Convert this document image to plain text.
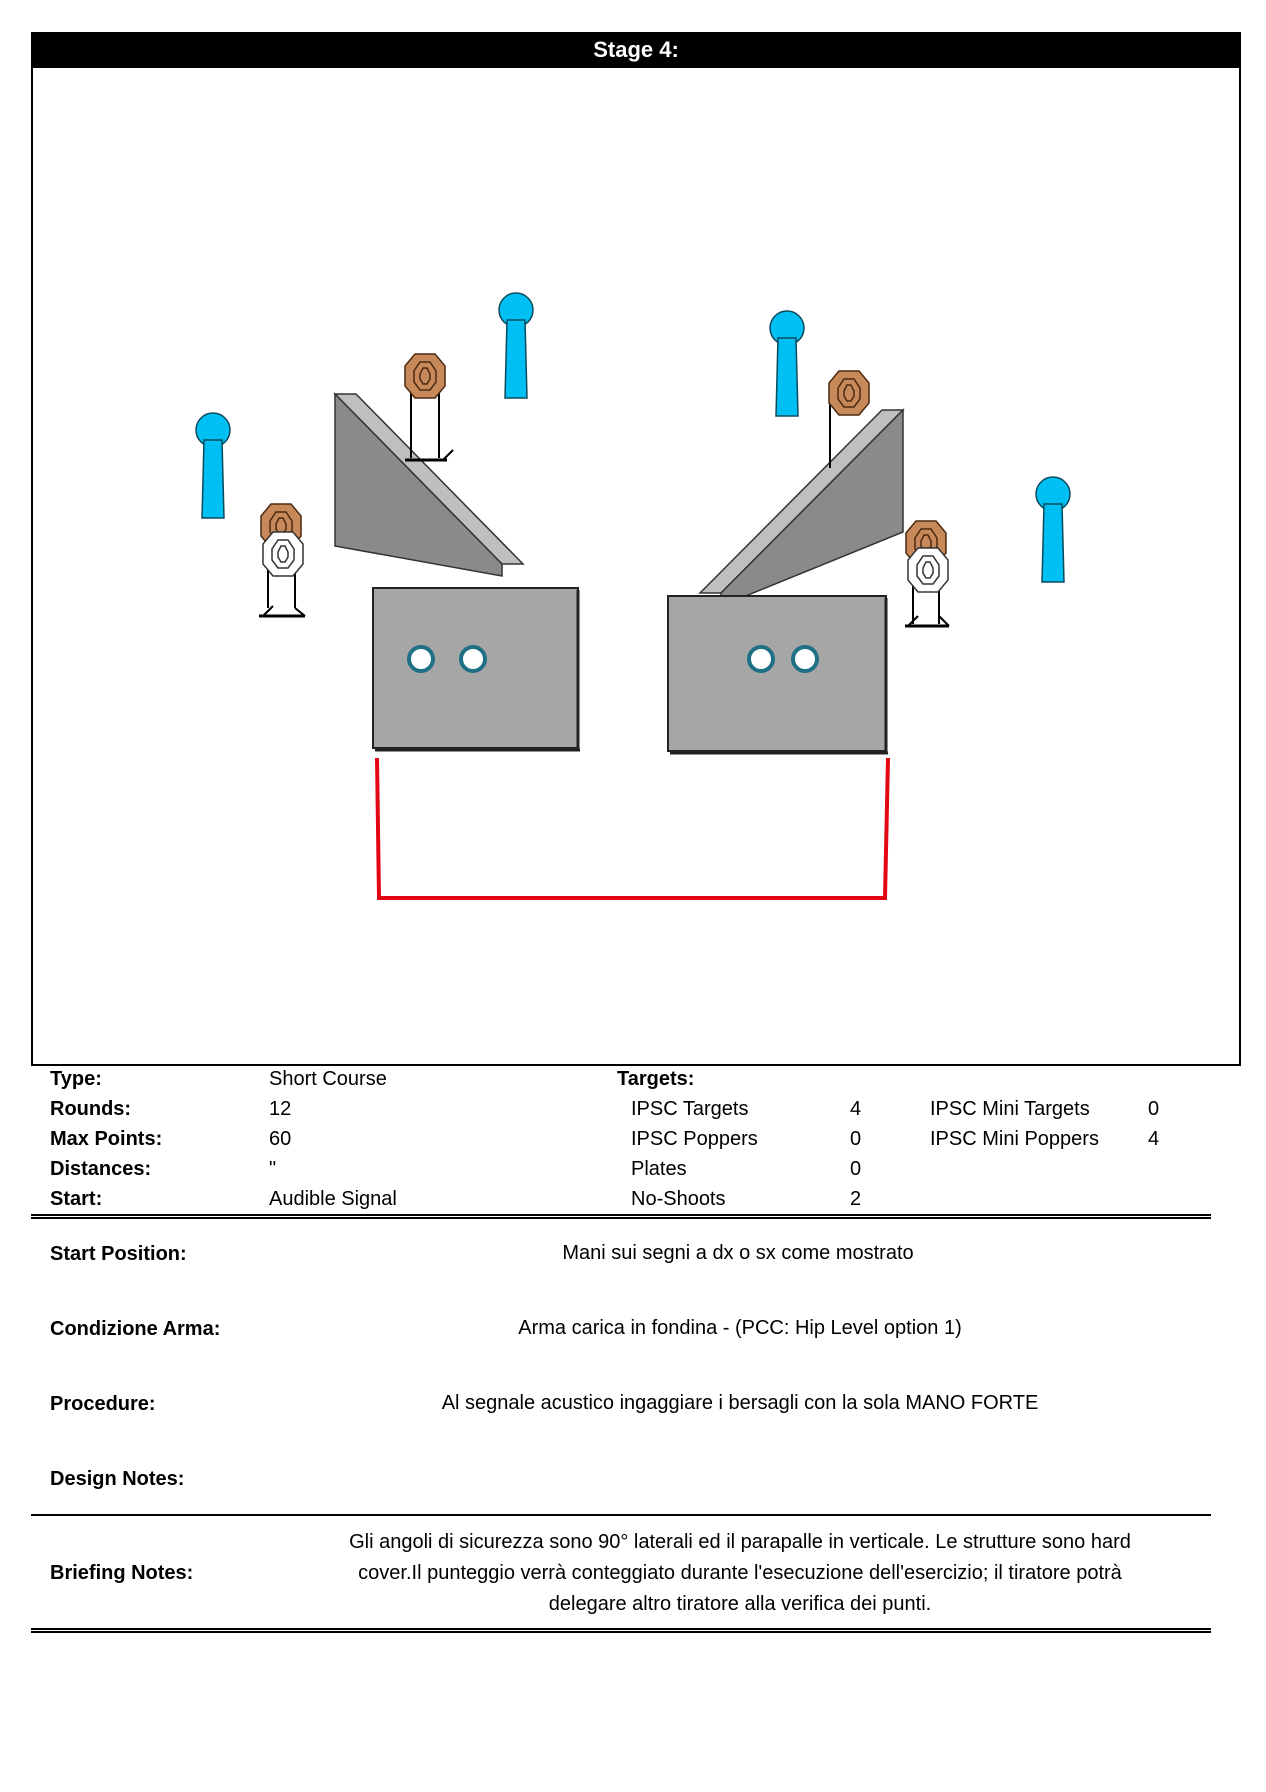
Stage 4:
Type:	Short Course
Rounds:	12
Max Points:	60
Distances:	"
Start:	Audible Signal
Targets:
IPSC Targets	4
IPSC Poppers	0
Plates	0
No-Shoots	2
IPSC Mini Targets	0
IPSC Mini Poppers 4
Start Position:	Mani sui segni a dx o sx come mostrato
Condizione Arma:	Arma carica in fondina - (PCC: Hip Level option 1)
Procedure:	Al segnale acustico ingaggiare i bersagli con la sola MANO FORTE
Design Notes:
Briefing Notes:
Gli angoli di sicurezza sono 90° laterali ed il parapalle in verticale. Le strutture sono hard
cover.Il punteggio verrà conteggiato durante l'esecuzione dell'esercizio; il tiratore potrà
delegare altro tiratore alla verifica dei punti.
